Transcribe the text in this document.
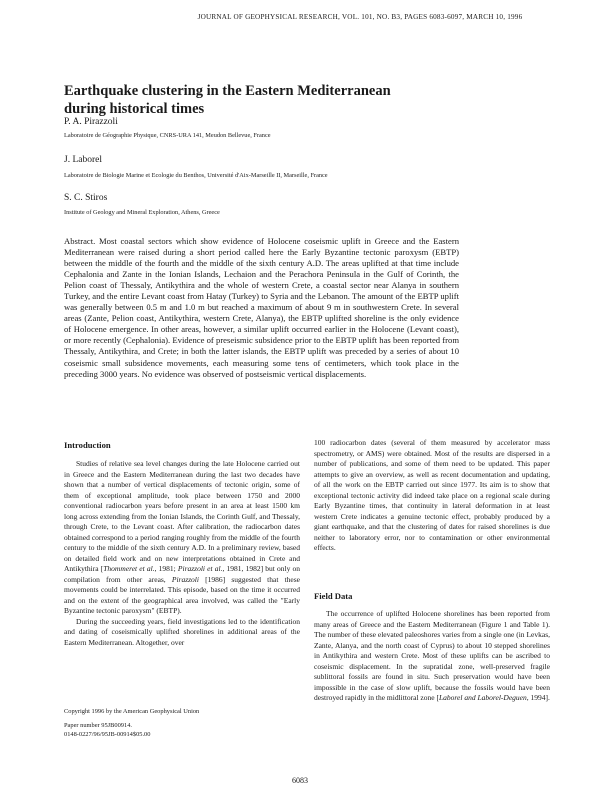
JOURNAL OF GEOPHYSICAL RESEARCH, VOL. 101, NO. B3, PAGES 6083-6097, MARCH 10, 1996
Earthquake clustering in the Eastern Mediterranean
during historical times
P. A. Pirazzoli
Laboratoire de Géographie Physique, CNRS-URA 141, Meudon Bellevue, France
J. Laborel
Laboratoire de Biologie Marine et Ecologie du Benthos, Université d'Aix-Marseille II, Marseille, France
S. C. Stiros
Institute of Geology and Mineral Exploration, Athens, Greece
Abstract. Most coastal sectors which show evidence of Holocene coseismic uplift in Greece and the Eastern Mediterranean were raised during a short period called here the Early Byzantine tectonic paroxysm (EBTP) between the middle of the fourth and the middle of the sixth century A.D. The areas uplifted at that time include Cephalonia and Zante in the Ionian Islands, Lechaion and the Perachora Peninsula in the Gulf of Corinth, the Pelion coast of Thessaly, Antikythira and the whole of western Crete, a coastal sector near Alanya in southern Turkey, and the entire Levant coast from Hatay (Turkey) to Syria and the Lebanon. The amount of the EBTP uplift was generally between 0.5 m and 1.0 m but reached a maximum of about 9 m in southwestern Crete. In several areas (Zante, Pelion coast, Antikythira, western Crete, Alanya), the EBTP uplifted shoreline is the only evidence of Holocene emergence. In other areas, however, a similar uplift occurred earlier in the Holocene (Levant coast), or more recently (Cephalonia). Evidence of preseismic subsidence prior to the EBTP uplift has been reported from Thessaly, Antikythira, and Crete; in both the latter islands, the EBTP uplift was preceded by a series of about 10 coseismic small subsidence movements, each measuring some tens of centimeters, which took place in the preceding 3000 years. No evidence was observed of postseismic vertical displacements.
Introduction

Studies of relative sea level changes during the late Holocene carried out in Greece and the Eastern Mediterranean during the last two decades have shown that a number of vertical displacements of tectonic origin, some of them of exceptional amplitude, took place between 1750 and 2000 conventional radiocarbon years before present in an area at least 1500 km long across extending from the Ionian Islands, the Corinth Gulf, and Thessaly, through Crete, to the Levant coast. After calibration, the radiocarbon dates obtained correspond to a period ranging roughly from the middle of the fourth century to the middle of the sixth century A.D. In a preliminary review, based on detailed field work and on new interpretations obtained in Crete and Antikythira [Thommeret et al., 1981; Pirazzoli et al., 1981, 1982] but only on compilation from other areas, Pirazzoli [1986] suggested that these movements could be interrelated. This episode, based on the time it occurred and on the extent of the geographical area involved, was called the "Early Byzantine tectonic paroxysm" (EBTP).

During the succeeding years, field investigations led to the identification and dating of coseismically uplifted shorelines in additional areas of the Eastern Mediterranean. Altogether, over

100 radiocarbon dates (several of them measured by accelerator mass spectrometry, or AMS) were obtained. Most of the results are dispersed in a number of publications, and some of them need to be updated. This paper attempts to give an overview, as well as recent documentation and updating, of all the work on the EBTP carried out since 1977. Its aim is to show that exceptional tectonic activity did indeed take place on a regional scale during Early Byzantine times, that continuity in lateral deformation in at least western Crete indicates a genuine tectonic effect, probably produced by a giant earthquake, and that the clustering of dates for raised shorelines is due neither to laboratory error, nor to contamination or other environmental effects.

Field Data

The occurrence of uplifted Holocene shorelines has been reported from many areas of Greece and the Eastern Mediterranean (Figure 1 and Table 1). The number of these elevated paleoshores varies from a single one (in Levkas, Zante, Alanya, and the north coast of Cyprus) to about 10 stepped shorelines in Antikythira and western Crete. Most of these uplifts can be ascribed to coseismic displacement. In the supratidal zone, well-preserved fragile sublittoral fossils are found in situ. Such preservation would have been impossible in the case of slow uplift, because the fossils would have been destroyed rapidly in the midlittoral zone [Laborel and Laborel-Deguen, 1994].

Copyright 1996 by the American Geophysical Union
Paper number 95JB00914.
0148-0227/96/95JB-00914$05.00
6083
